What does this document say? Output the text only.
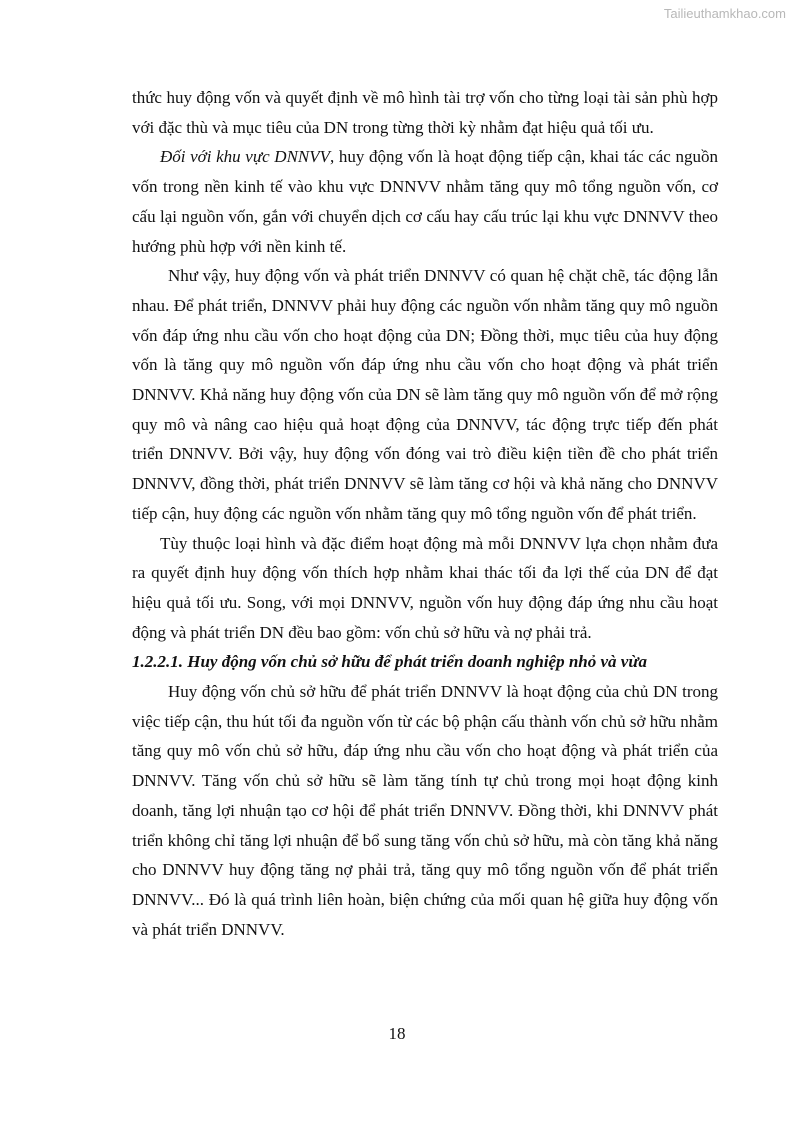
Tailieuthamkhao.com

thức huy động vốn và quyết định về mô hình tài trợ vốn cho từng loại tài sản phù hợp với đặc thù và mục tiêu của DN trong từng thời kỳ nhằm đạt hiệu quả tối ưu.

Đối với khu vực DNNVV, huy động vốn là hoạt động tiếp cận, khai tác các nguồn vốn trong nền kinh tế vào khu vực DNNVV nhằm tăng quy mô tổng nguồn vốn, cơ cấu lại nguồn vốn, gắn với chuyển dịch cơ cấu hay cấu trúc lại khu vực DNNVV theo hướng phù hợp với nền kinh tế.

Như vậy, huy động vốn và phát triển DNNVV có quan hệ chặt chẽ, tác động lẫn nhau. Để phát triển, DNNVV phải huy động các nguồn vốn nhằm tăng quy mô nguồn vốn đáp ứng nhu cầu vốn cho hoạt động của DN; Đồng thời, mục tiêu của huy động vốn là tăng quy mô nguồn vốn đáp ứng nhu cầu vốn cho hoạt động và phát triển DNNVV. Khả năng huy động vốn của DN sẽ làm tăng quy mô nguồn vốn để mở rộng quy mô và nâng cao hiệu quả hoạt động của DNNVV, tác động trực tiếp đến phát triển DNNVV. Bởi vậy, huy động vốn đóng vai trò điều kiện tiền đề cho phát triển DNNVV, đồng thời, phát triển DNNVV sẽ làm tăng cơ hội và khả năng cho DNNVV tiếp cận, huy động các nguồn vốn nhằm tăng quy mô tổng nguồn vốn để phát triển.

Tùy thuộc loại hình và đặc điểm hoạt động mà mỗi DNNVV lựa chọn nhằm đưa ra quyết định huy động vốn thích hợp nhằm khai thác tối đa lợi thế của DN để đạt hiệu quả tối ưu. Song, với mọi DNNVV, nguồn vốn huy động đáp ứng nhu cầu hoạt động và phát triển DN đều bao gồm: vốn chủ sở hữu và nợ phải trả.

1.2.2.1. Huy động vốn chủ sở hữu để phát triển doanh nghiệp nhỏ và vừa

Huy động vốn chủ sở hữu để phát triển DNNVV là hoạt động của chủ DN trong việc tiếp cận, thu hút tối đa nguồn vốn từ các bộ phận cấu thành vốn chủ sở hữu nhằm tăng quy mô vốn chủ sở hữu, đáp ứng nhu cầu vốn cho hoạt động và phát triển của DNNVV. Tăng vốn chủ sở hữu sẽ làm tăng tính tự chủ trong mọi hoạt động kinh doanh, tăng lợi nhuận tạo cơ hội để phát triển DNNVV. Đồng thời, khi DNNVV phát triển không chỉ tăng lợi nhuận để bổ sung tăng vốn chủ sở hữu, mà còn tăng khả năng cho DNNVV huy động tăng nợ phải trả, tăng quy mô tổng nguồn vốn để phát triển DNNVV... Đó là quá trình liên hoàn, biện chứng của mối quan hệ giữa huy động vốn và phát triển DNNVV.

18
